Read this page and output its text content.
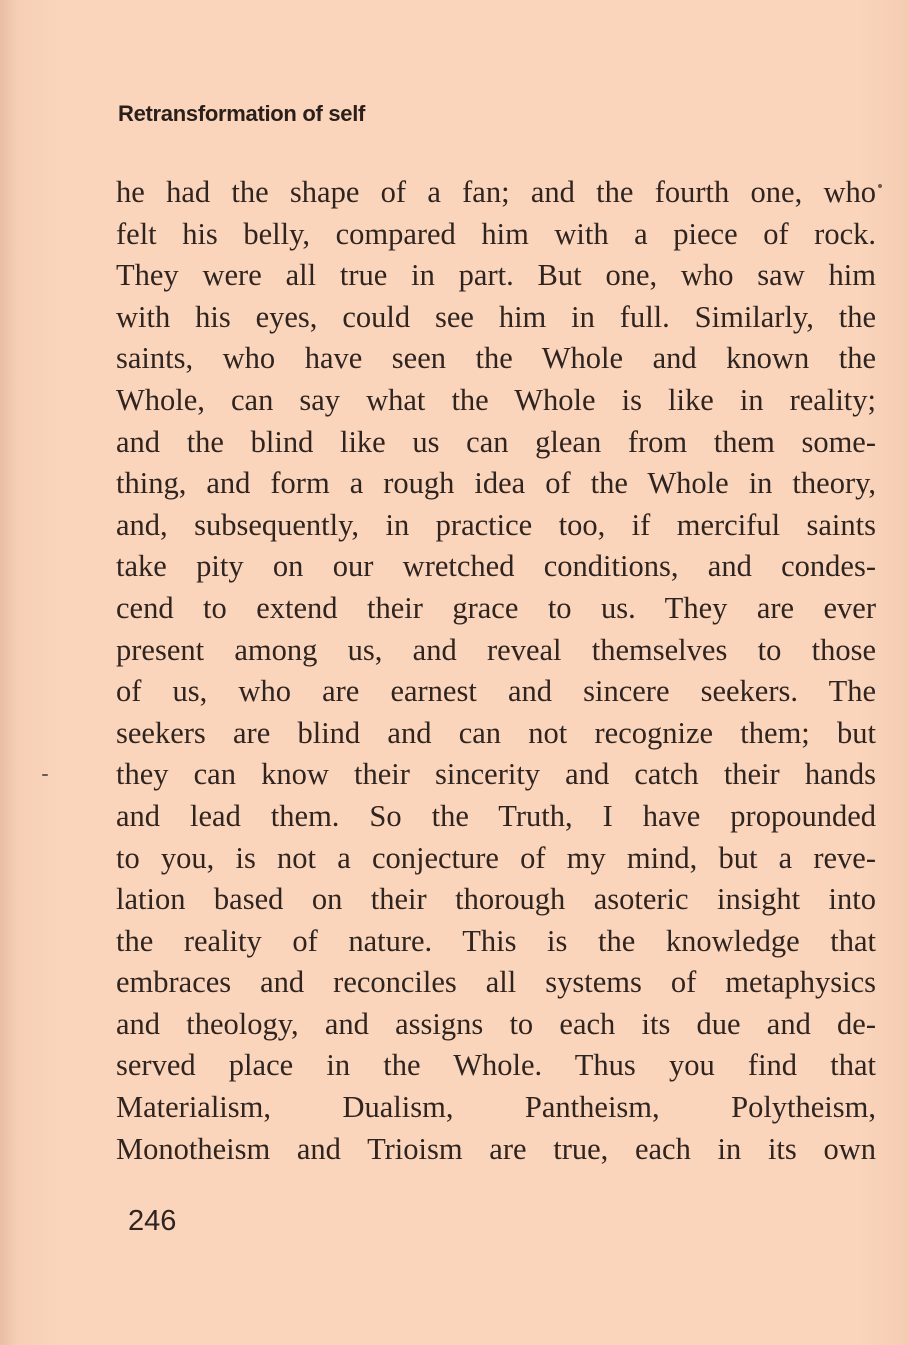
Retransformation of self
he had the shape of a fan; and the fourth one, who
felt his belly, compared him with a piece of rock.
They were all true in part. But one, who saw him
with his eyes, could see him in full. Similarly, the
saints, who have seen the Whole and known the
Whole, can say what the Whole is like in reality;
and the blind like us can glean from them some-
thing, and form a rough idea of the Whole in theory,
and, subsequently, in practice too, if merciful saints
take pity on our wretched conditions, and condes-
cend to extend their grace to us. They are ever
present among us, and reveal themselves to those
of us, who are earnest and sincere seekers. The
seekers are blind and can not recognize them; but
they can know their sincerity and catch their hands
and lead them. So the Truth, I have propounded
to you, is not a conjecture of my mind, but a reve-
lation based on their thorough asoteric insight into
the reality of nature. This is the knowledge that
embraces and reconciles all systems of metaphysics
and theology, and assigns to each its due and de-
served place in the Whole. Thus you find that
Materialism, Dualism, Pantheism, Polytheism,
Monotheism and Trioism are true, each in its own
246
